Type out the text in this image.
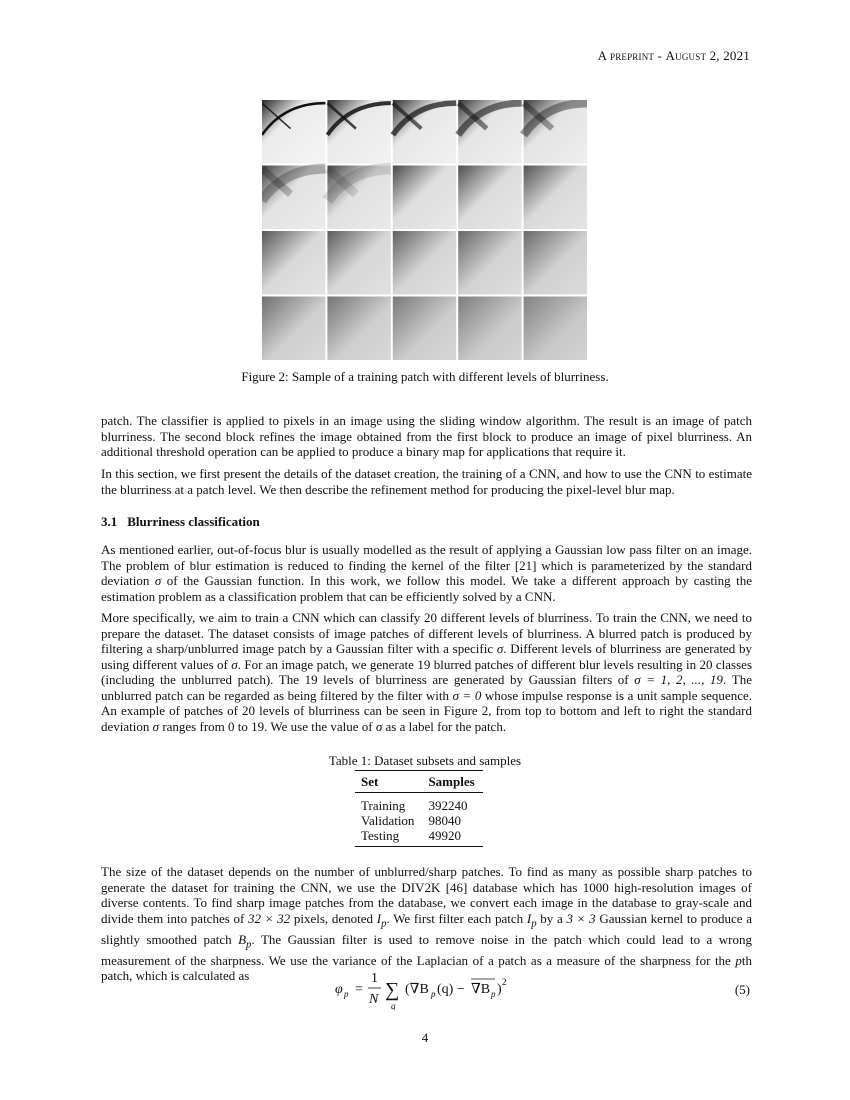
A preprint - August 2, 2021
Figure 2: Sample of a training patch with different levels of blurriness.

patch. The classifier is applied to pixels in an image using the sliding window algorithm. The result is an image of patch blurriness. The second block refines the image obtained from the first block to produce an image of pixel blurriness. An additional threshold operation can be applied to produce a binary map for applications that require it.

In this section, we first present the details of the dataset creation, the training of a CNN, and how to use the CNN to estimate the blurriness at a patch level. We then describe the refinement method for producing the pixel-level blur map.

3.1 Blurriness classification

As mentioned earlier, out-of-focus blur is usually modelled as the result of applying a Gaussian low pass filter on an image. The problem of blur estimation is reduced to finding the kernel of the filter [21] which is parameterized by the standard deviation σ of the Gaussian function. In this work, we follow this model. We take a different approach by casting the estimation problem as a classification problem that can be efficiently solved by a CNN.

More specifically, we aim to train a CNN which can classify 20 different levels of blurriness. To train the CNN, we need to prepare the dataset. The dataset consists of image patches of different levels of blurriness. A blurred patch is produced by filtering a sharp/unblurred image patch by a Gaussian filter with a specific σ. Different levels of blurriness are generated by using different values of σ. For an image patch, we generate 19 blurred patches of different blur levels resulting in 20 classes (including the unblurred patch). The 19 levels of blurriness are generated by Gaussian filters of σ = 1, 2, ..., 19. The unblurred patch can be regarded as being filtered by the filter with σ = 0 whose impulse response is a unit sample sequence. An example of patches of 20 levels of blurriness can be seen in Figure 2, from top to bottom and left to right the standard deviation σ ranges from 0 to 19. We use the value of σ as a label for the patch.

Table 1: Dataset subsets and samples
Set	Samples
Training	392240
Validation	98040
Testing	49920

The size of the dataset depends on the number of unblurred/sharp patches. To find as many as possible sharp patches to generate the dataset for training the CNN, we use the DIV2K [46] database which has 1000 high-resolution images of diverse contents. To find sharp image patches from the database, we convert each image in the database to gray-scale and divide them into patches of 32 × 32 pixels, denoted $I_p$. We first filter each patch $I_p$ by a 3 × 3 Gaussian kernel to produce a slightly smoothed patch $B_p$. The Gaussian filter is used to remove noise in the patch which could lead to a wrong measurement of the sharpness. We use the variance of the Laplacian of a patch as a measure of the sharpness for the pth patch, which is calculated as

φ p =
1
N ∑
q
(∇B p (q) − ∇B p ) 2	(5)
4
